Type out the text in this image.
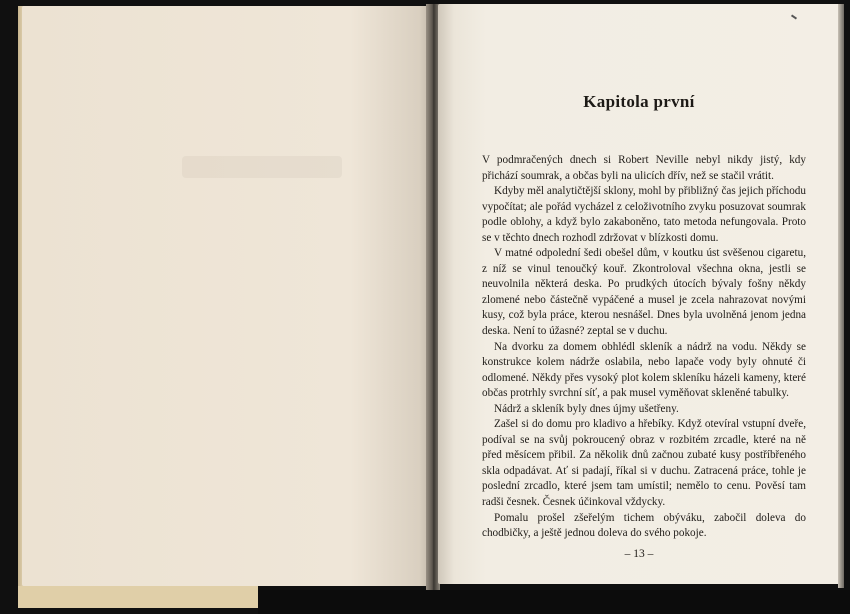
Kapitola první

V podmračených dnech si Robert Neville nebyl nikdy jistý, kdy přichází soumrak, a občas byli na ulicích dřív, než se stačil vrátit.

Kdyby měl analytičtější sklony, mohl by přibližný čas jejich příchodu vypočítat; ale pořád vycházel z celoživotního zvyku posuzovat soumrak podle oblohy, a když bylo zakaboněno, tato metoda nefungovala. Proto se v těchto dnech rozhodl zdržovat v blízkosti domu.

V matné odpolední šedi obešel dům, v koutku úst svěšenou cigaretu, z níž se vinul tenoučký kouř. Zkontroloval všechna okna, jestli se neuvolnila některá deska. Po prudkých útocích bývaly fošny někdy zlomené nebo částečně vypáčené a musel je zcela nahrazovat novými kusy, což byla práce, kterou nesnášel. Dnes byla uvolněná jenom jedna deska. Není to úžasné? zeptal se v duchu.

Na dvorku za domem obhlédl skleník a nádrž na vodu. Někdy se konstrukce kolem nádrže oslabila, nebo lapače vody byly ohnuté či odlomené. Někdy přes vysoký plot kolem skleníku házeli kameny, které občas protrhly svrchní síť, a pak musel vyměňovat skleněné tabulky.

Nádrž a skleník byly dnes újmy ušetřeny.

Zašel si do domu pro kladivo a hřebíky. Když otevíral vstupní dveře, podíval se na svůj pokroucený obraz v rozbitém zrcadle, které na ně před měsícem přibil. Za několik dnů začnou zubaté kusy postříbřeného skla odpadávat. Ať si padají, říkal si v duchu. Zatracená práce, tohle je poslední zrcadlo, které jsem tam umístil; nemělo to cenu. Pověsí tam radši česnek. Česnek účinkoval vždycky.

Pomalu prošel zšeřelým tichem obýváku, zabočil doleva do chodbičky, a ještě jednou doleva do svého pokoje.

– 13 –
